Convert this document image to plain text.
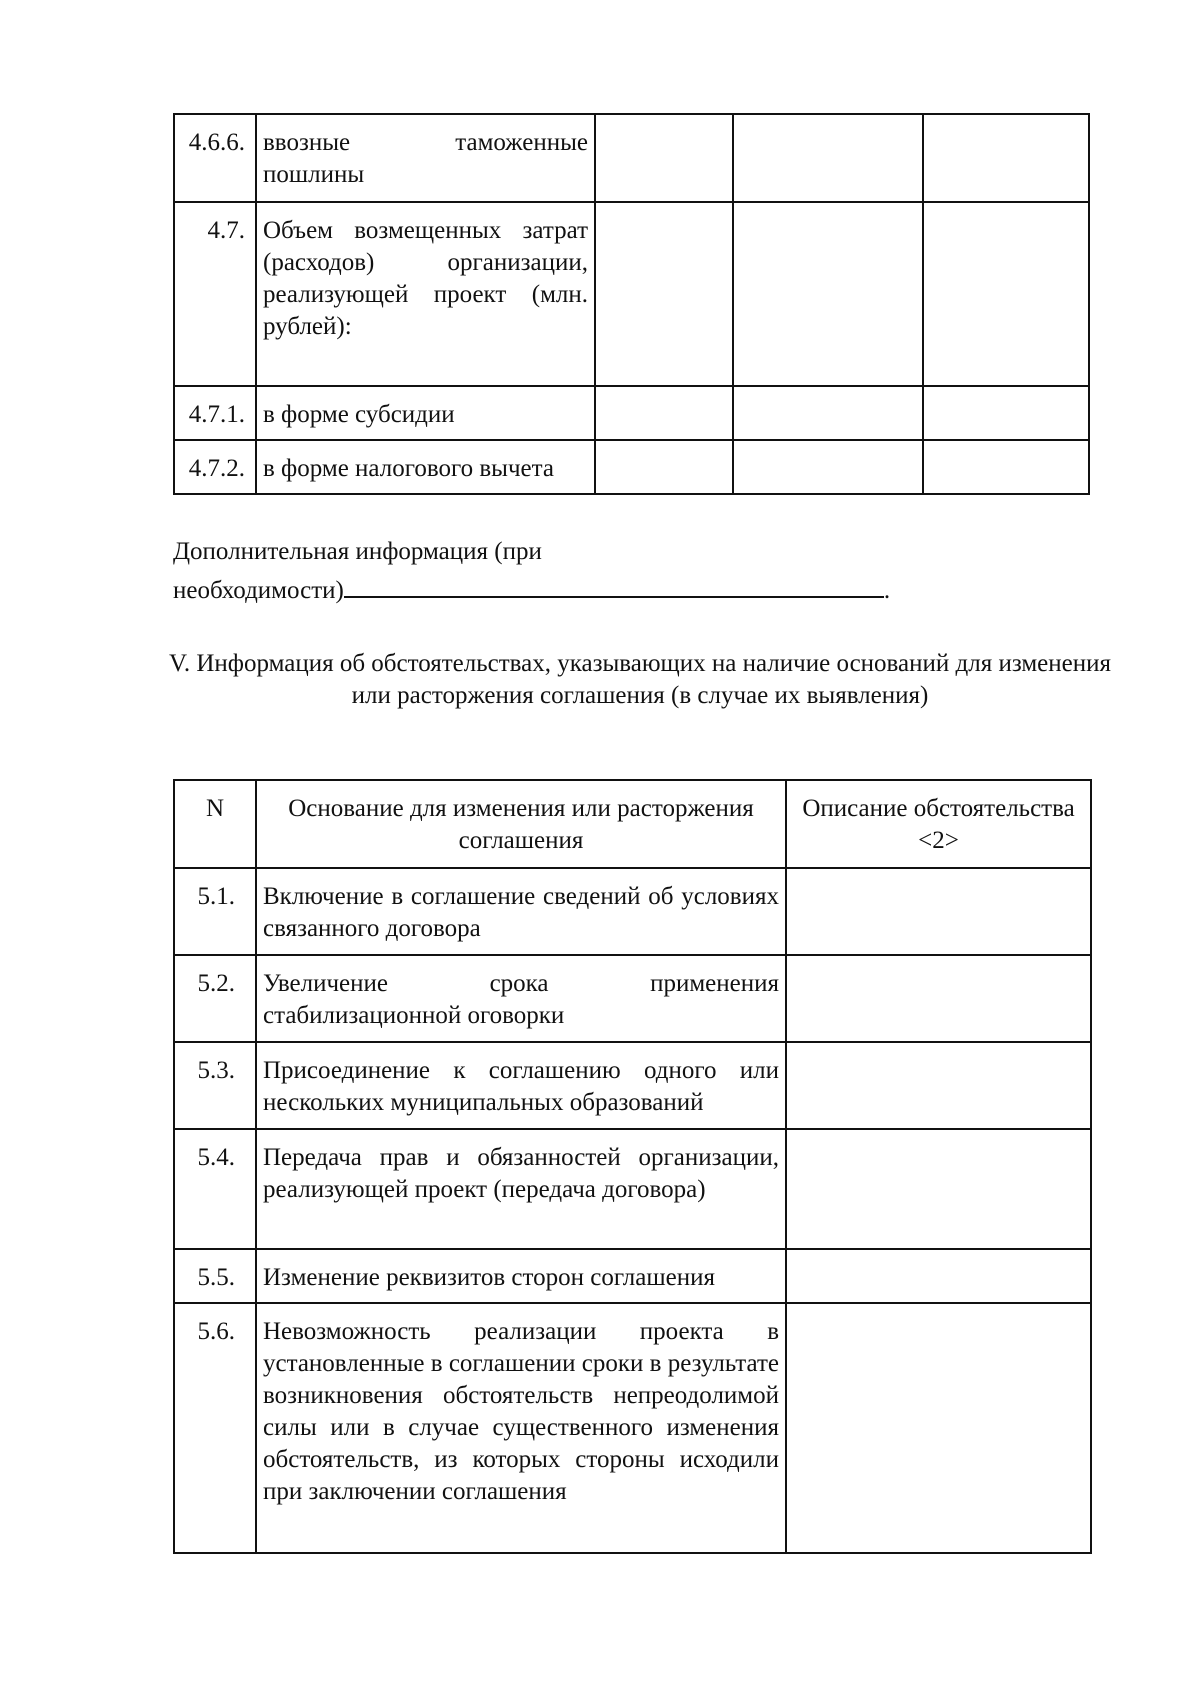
4.6.6.	ввозные таможенные пошлины			
4.7.	Объем возмещенных затрат (расходов) организации, реализующей проект (млн. рублей):			
4.7.1.	в форме субсидии			
4.7.2.	в форме налогового вычета			
Дополнительная информация (при
необходимости)	.
V. Информация об обстоятельствах, указывающих на наличие оснований для изменения или расторжения соглашения (в случае их выявления)
N	Основание для изменения или расторжения соглашения	Описание обстоятельства <2>
5.1.	Включение в соглашение сведений об условиях связанного договора	
5.2.	Увеличение срока применения стабилизационной оговорки	
5.3.	Присоединение к соглашению одного или нескольких муниципальных образований	
5.4.	Передача прав и обязанностей организации, реализующей проект (передача договора)	
5.5.	Изменение реквизитов сторон соглашения	
5.6.	Невозможность реализации проекта в установленные в соглашении сроки в результате возникновения обстоятельств непреодолимой силы или в случае существенного изменения обстоятельств, из которых стороны исходили при заключении соглашения	
